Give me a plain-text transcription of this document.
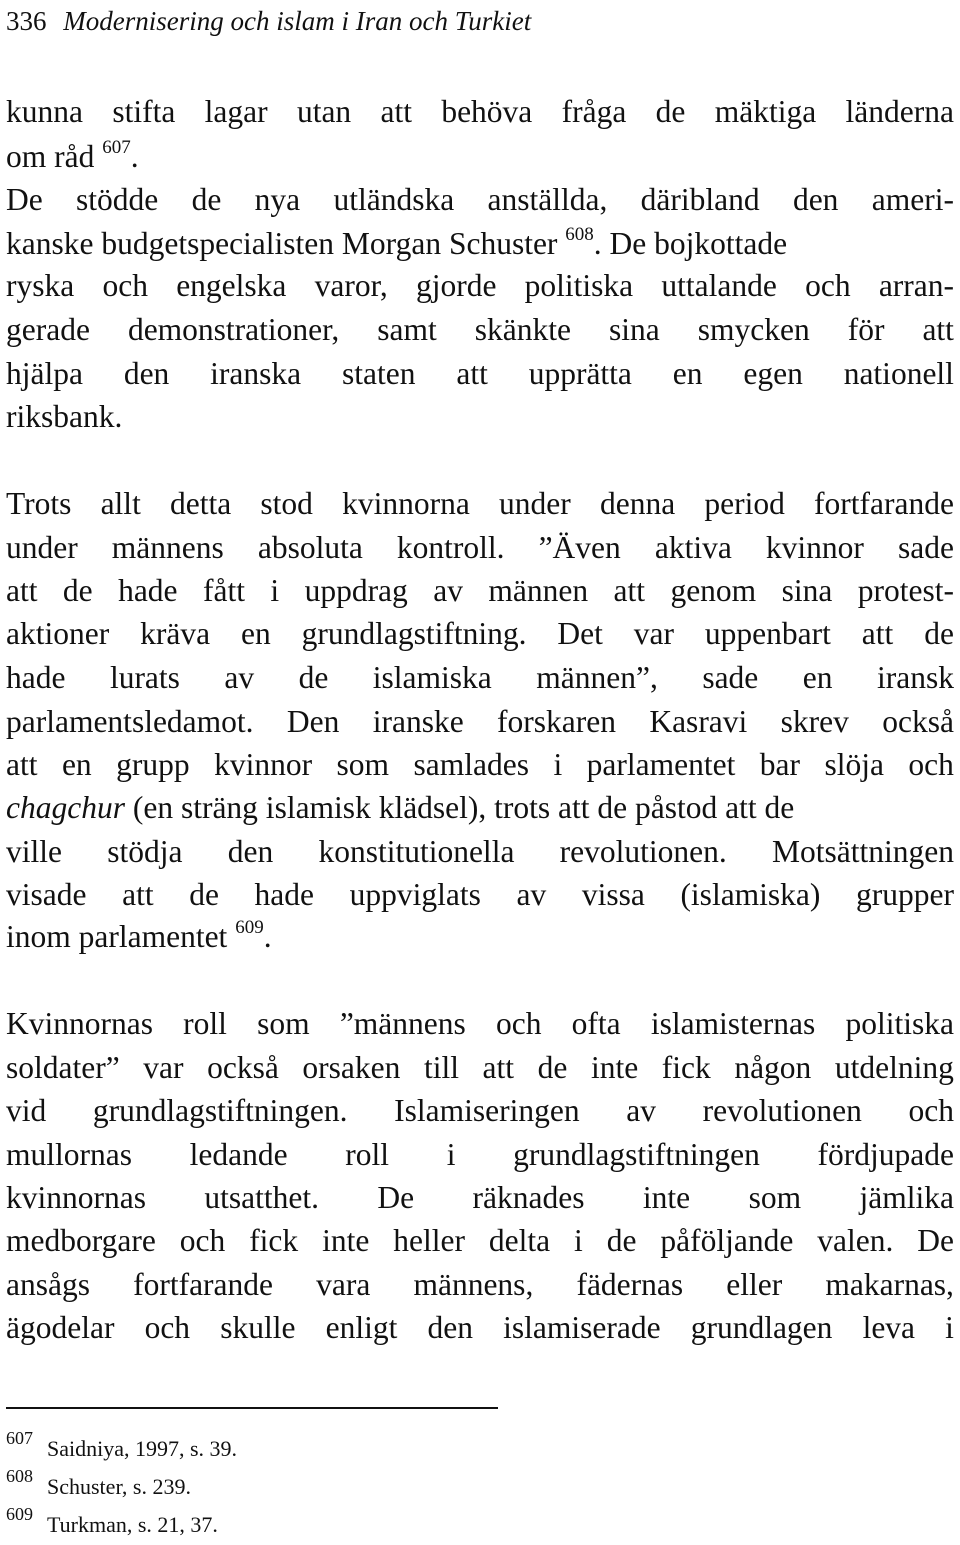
336 Modernisering och islam i Iran och Turkiet
kunna stifta lagar utan att behöva fråga de mäktiga länderna
om råd $^{607}$.
De stödde de nya utländska anställda, däribland den ameri-
kanske budgetspecialisten Morgan Schuster $^{608}$. De bojkottade
ryska och engelska varor, gjorde politiska uttalande och arran-
gerade demonstrationer, samt skänkte sina smycken för att
hjälpa den iranska staten att upprätta en egen nationell
riksbank.
Trots allt detta stod kvinnorna under denna period fortfarande
under männens absoluta kontroll. ”Även aktiva kvinnor sade
att de hade fått i uppdrag av männen att genom sina protest-
aktioner kräva en grundlagstiftning. Det var uppenbart att de
hade lurats av de islamiska männen”, sade en iransk
parlamentsledamot. Den iranske forskaren Kasravi skrev också
att en grupp kvinnor som samlades i parlamentet bar slöja och
chagchur (en sträng islamisk klädsel), trots att de påstod att de
ville stödja den konstitutionella revolutionen. Motsättningen
visade att de hade uppviglats av vissa (islamiska) grupper
inom parlamentet $^{609}$.
Kvinnornas roll som ”männens och ofta islamisternas politiska
soldater” var också orsaken till att de inte fick någon utdelning
vid grundlagstiftningen. Islamiseringen av revolutionen och
mullornas ledande roll i grundlagstiftningen fördjupade
kvinnornas utsatthet. De räknades inte som jämlika
medborgare och fick inte heller delta i de påföljande valen. De
ansågs fortfarande vara männens, fädernas eller makarnas,
ägodelar och skulle enligt den islamiserade grundlagen leva i
$^{607}$ Saidniya, 1997, s. 39.
$^{608}$ Schuster, s. 239.
$^{609}$ Turkman, s. 21, 37.
